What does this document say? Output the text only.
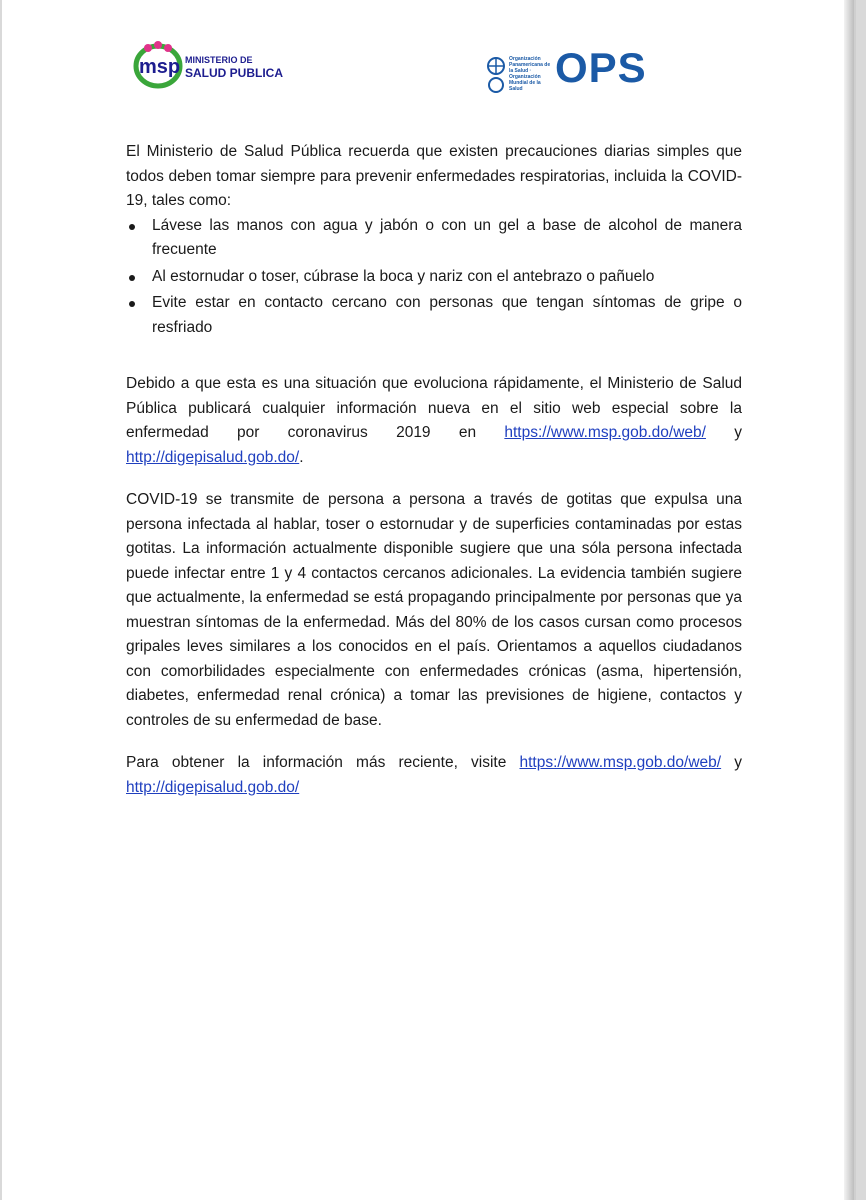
msp MINISTERIO DE
SALUD PUBLICA
Organización Panamericana de la Salud · Organización Mundial de la Salud OPS

El Ministerio de Salud Pública recuerda que existen precauciones diarias simples que todos deben tomar siempre para prevenir enfermedades respiratorias, incluida la COVID-19, tales como:

Lávese las manos con agua y jabón o con un gel a base de alcohol de manera frecuente
Al estornudar o toser, cúbrase la boca y nariz con el antebrazo o pañuelo
Evite estar en contacto cercano con personas que tengan síntomas de gripe o resfriado

Debido a que esta es una situación que evoluciona rápidamente, el Ministerio de Salud Pública publicará cualquier información nueva en el sitio web especial sobre la enfermedad por coronavirus 2019 en https://www.msp.gob.do/web/ y http://digepisalud.gob.do/.

COVID-19 se transmite de persona a persona a través de gotitas que expulsa una persona infectada al hablar, toser o estornudar y de superficies contaminadas por estas gotitas. La información actualmente disponible sugiere que una sóla persona infectada puede infectar entre 1 y 4 contactos cercanos adicionales. La evidencia también sugiere que actualmente, la enfermedad se está propagando principalmente por personas que ya muestran síntomas de la enfermedad. Más del 80% de los casos cursan como procesos gripales leves similares a los conocidos en el país. Orientamos a aquellos ciudadanos con comorbilidades especialmente con enfermedades crónicas (asma, hipertensión, diabetes, enfermedad renal crónica) a tomar las previsiones de higiene, contactos y controles de su enfermedad de base.

Para obtener la información más reciente, visite https://www.msp.gob.do/web/ y http://digepisalud.gob.do/
